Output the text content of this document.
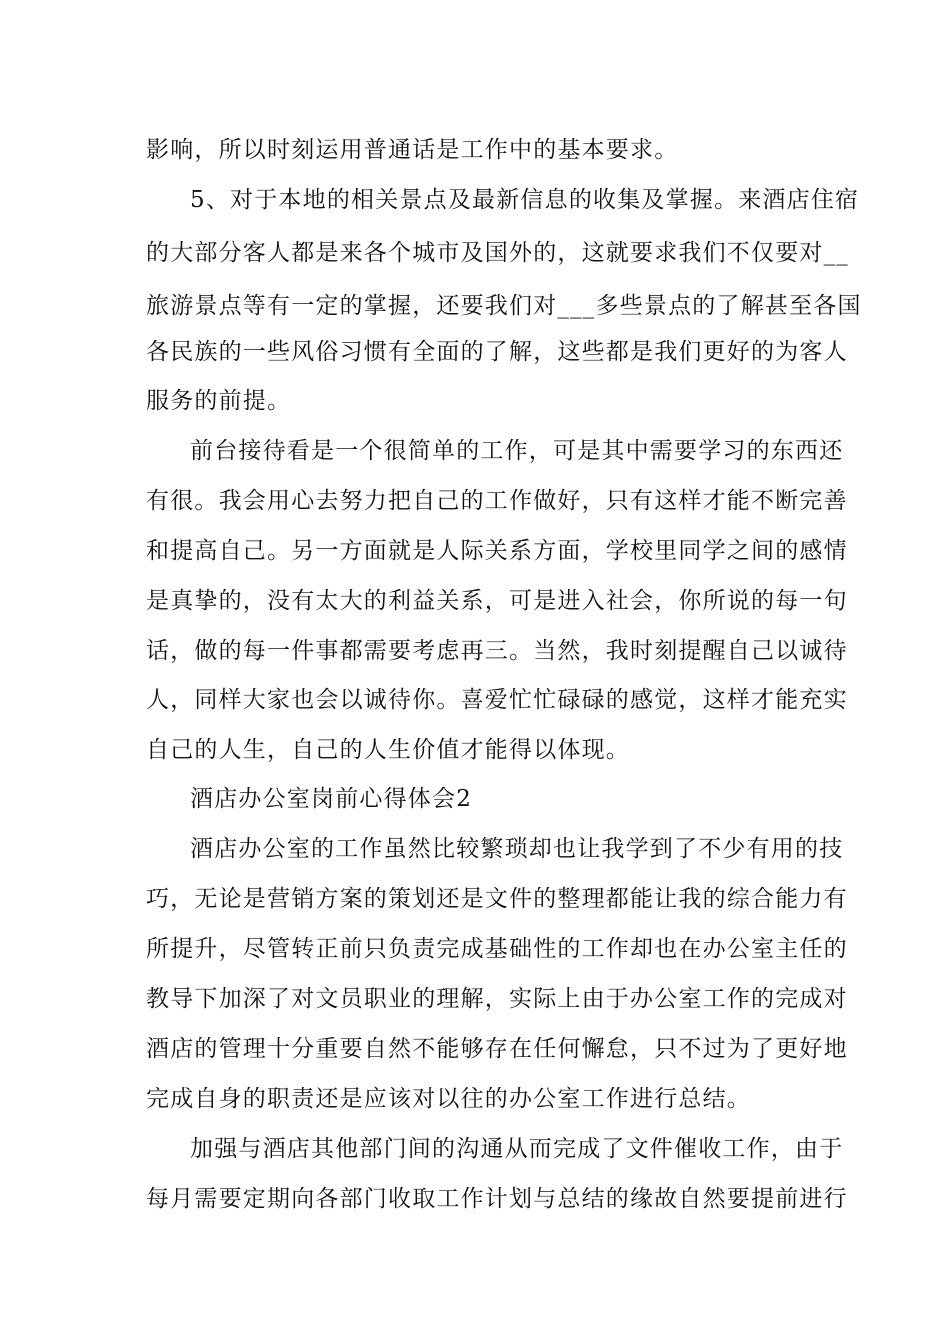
影响，所以时刻运用普通话是工作中的基本要求。
5、对于本地的相关景点及最新信息的收集及掌握。来酒店住宿
的大部分客人都是来各个城市及国外的，这就要求我们不仅要对__
旅游景点等有一定的掌握，还要我们对___多些景点的了解甚至各国
各民族的一些风俗习惯有全面的了解，这些都是我们更好的为客人
服务的前提。
前台接待看是一个很简单的工作，可是其中需要学习的东西还
有很。我会用心去努力把自己的工作做好，只有这样才能不断完善
和提高自己。另一方面就是人际关系方面，学校里同学之间的感情
是真挚的，没有太大的利益关系，可是进入社会，你所说的每一句
话，做的每一件事都需要考虑再三。当然，我时刻提醒自己以诚待
人，同样大家也会以诚待你。喜爱忙忙碌碌的感觉，这样才能充实
自己的人生，自己的人生价值才能得以体现。
酒店办公室岗前心得体会2
酒店办公室的工作虽然比较繁琐却也让我学到了不少有用的技
巧，无论是营销方案的策划还是文件的整理都能让我的综合能力有
所提升，尽管转正前只负责完成基础性的工作却也在办公室主任的
教导下加深了对文员职业的理解，实际上由于办公室工作的完成对
酒店的管理十分重要自然不能够存在任何懈怠，只不过为了更好地
完成自身的职责还是应该对以往的办公室工作进行总结。
加强与酒店其他部门间的沟通从而完成了文件催收工作，由于
每月需要定期向各部门收取工作计划与总结的缘故自然要提前进行
